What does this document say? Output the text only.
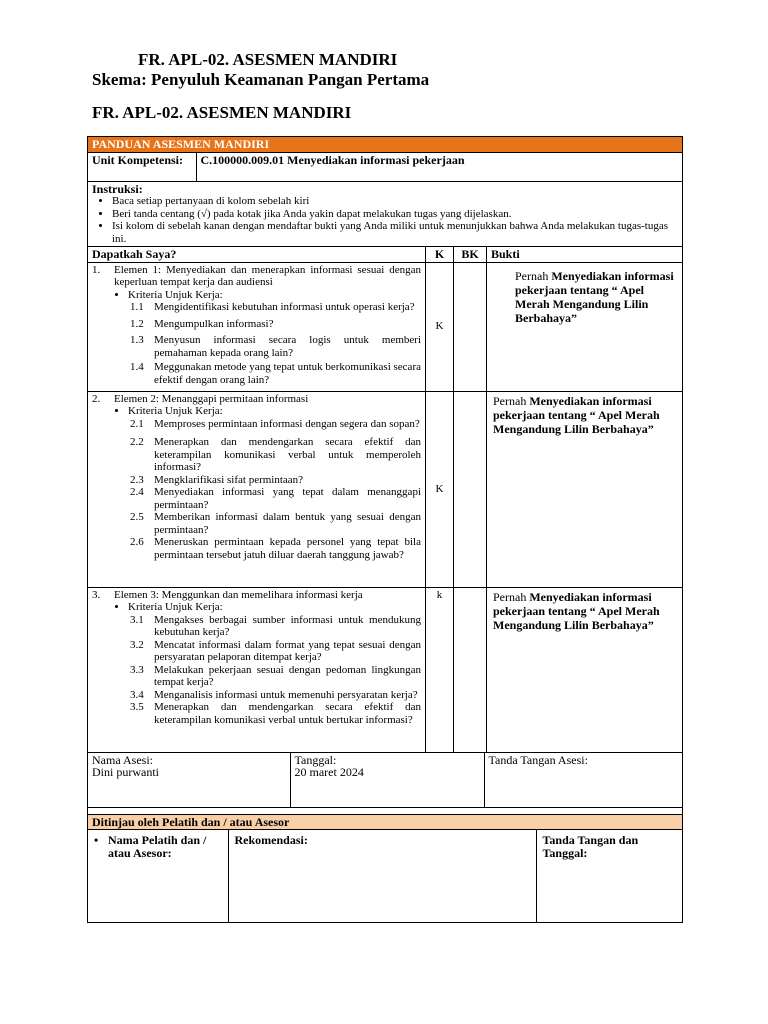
FR. APL-02. ASESMEN MANDIRI
Skema: Penyuluh Keamanan Pangan Pertama
FR. APL-02. ASESMEN MANDIRI
PANDUAN ASESMEN MANDIRI

Unit Kompetensi:	C.100000.009.01 Menyediakan informasi pekerjaan

Instruksi:
• Baca setiap pertanyaan di kolom sebelah kiri
• Beri tanda centang (√) pada kotak jika Anda yakin dapat melakukan tugas yang dijelaskan.
• Isi kolom di sebelah kanan dengan mendaftar bukti yang Anda miliki untuk menunjukkan bahwa Anda melakukan tugas-tugas ini.

Dapatkah Saya?	K	BK	Bukti

1.	Elemen 1: Menyediakan dan menerapkan informasi sesuai dengan keperluan tempat kerja dan audiensi
• Kriteria Unjuk Kerja:
1.1 Mengidentifikasi kebutuhan informasi untuk operasi kerja?
1.2 Mengumpulkan informasi?
1.3 Menyusun informasi secara logis untuk memberi pemahaman kepada orang lain?
1.4 Meggunakan metode yang tepat untuk berkomunikasi secara efektif dengan orang lain?
	K		Pernah Menyediakan informasi pekerjaan tentang “ Apel Merah Mengandung Lilin Berbahaya”

2.	Elemen 2: Menanggapi permitaan informasi
• Kriteria Unjuk Kerja:
2.1 Memproses permintaan informasi dengan segera dan sopan?
2.2 Menerapkan dan mendengarkan secara efektif dan keterampilan komunikasi verbal untuk memperoleh informasi?
2.3 Mengklarifikasi sifat permintaan?
2.4 Menyediakan informasi yang tepat dalam menanggapi permintaan?
2.5 Memberikan informasi dalam bentuk yang sesuai dengan permintaan?
2.6 Meneruskan permintaan kepada personel yang tepat bila permintaan tersebut jatuh diluar daerah tanggung jawab?
	K		Pernah Menyediakan informasi pekerjaan tentang “ Apel Merah Mengandung Lilin Berbahaya”

3.	Elemen 3: Menggunkan dan memelihara informasi kerja
• Kriteria Unjuk Kerja:
3.1 Mengakses berbagai sumber informasi untuk mendukung kebutuhan kerja?
3.2 Mencatat informasi dalam format yang tepat sesuai dengan persyaratan pelaporan ditempat kerja?
3.3 Melakukan pekerjaan sesuai dengan pedoman lingkungan tempat kerja?
3.4 Menganalisis informasi untuk memenuhi persyaratan kerja?
3.5 Menerapkan dan mendengarkan secara efektif dan keterampilan komunikasi verbal untuk bertukar informasi?
	k		Pernah Menyediakan informasi pekerjaan tentang “ Apel Merah Mengandung Lilin Berbahaya”

Nama Asesi:
Dini purwanti

Tanggal:
20 maret 2024

Tanda Tangan Asesi:

Ditinjau oleh Pelatih dan / atau Asesor

• Nama Pelatih dan / atau Asesor:
	Rekomendasi:	Tanda Tangan dan Tanggal:
